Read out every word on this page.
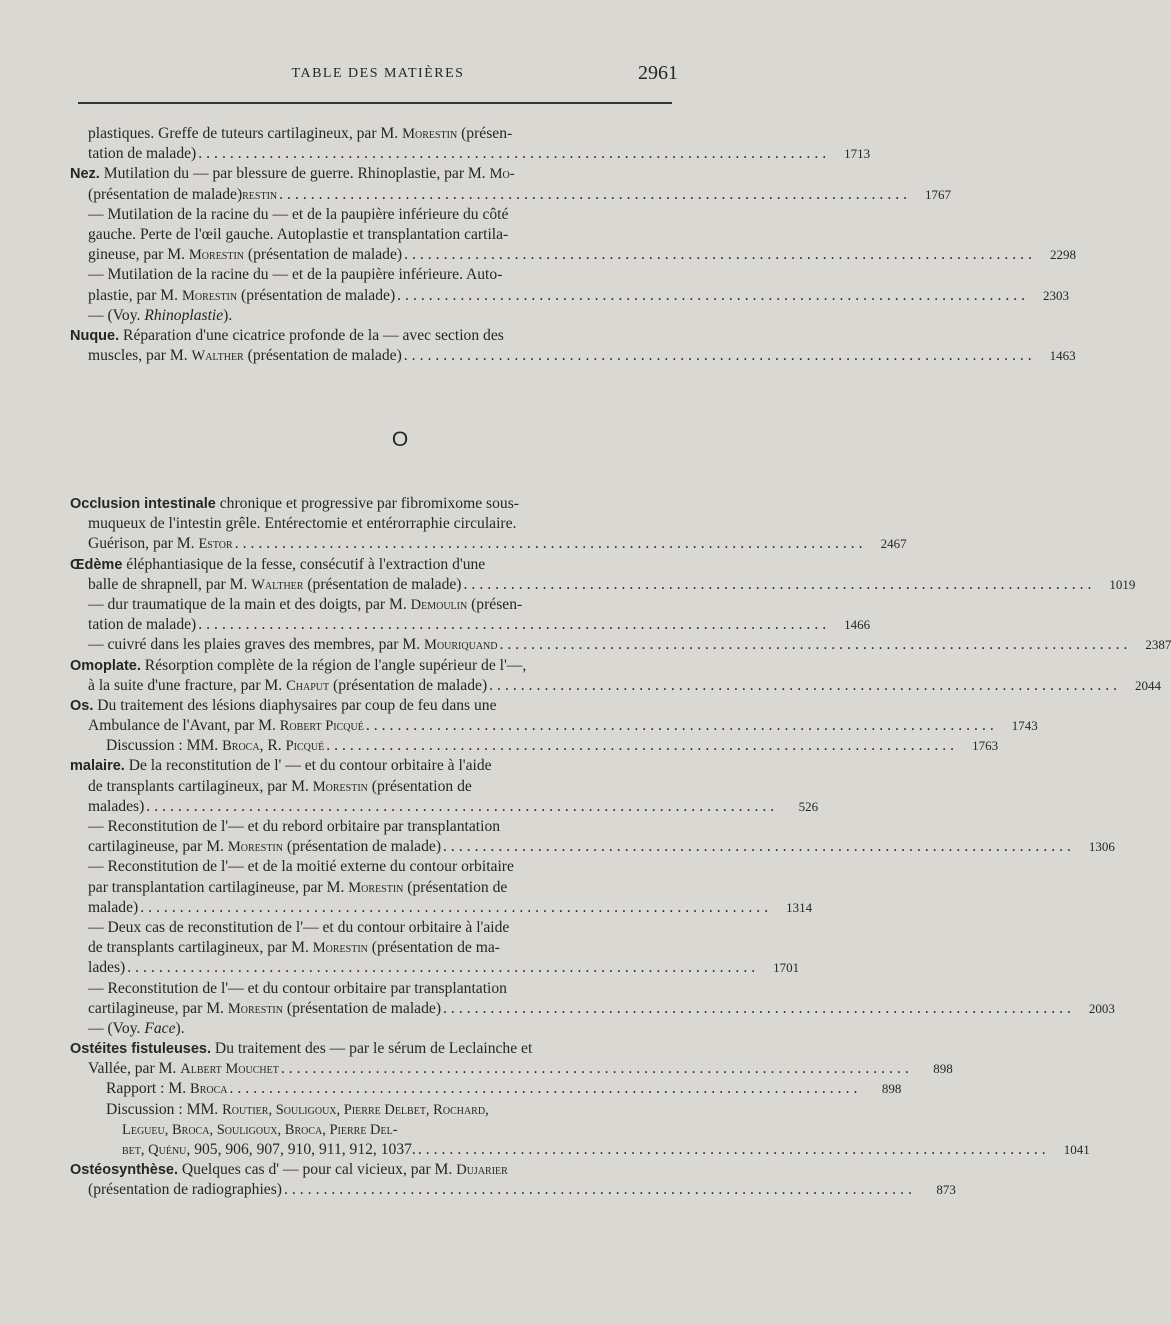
TABLE DES MATIÈRES	2961
plastiques. Greffe de tuteurs cartilagineux, par M. Morestin (présen-
tation de malade) ................................................................................	1713
Nez. Mutilation du — par blessure de guerre. Rhinoplastie, par M. Mo-
(présentation de malade)restin ................................................................................	1767
— Mutilation de la racine du — et de la paupière inférieure du côté
gauche. Perte de l'œil gauche. Autoplastie et transplantation cartila-
gineuse, par M. Morestin (présentation de malade) ................................................................................	2298
— Mutilation de la racine du — et de la paupière inférieure. Auto-
plastie, par M. Morestin (présentation de malade) ................................................................................	2303
— (Voy. Rhinoplastie).
Nuque. Réparation d'une cicatrice profonde de la — avec section des
muscles, par M. Walther (présentation de malade) ................................................................................	1463
O
Occlusion intestinale chronique et progressive par fibromixome sous-
muqueux de l'intestin grêle. Entérectomie et entérorraphie circulaire.
Guérison, par M. Estor ................................................................................	2467
Œdème éléphantiasique de la fesse, consécutif à l'extraction d'une
balle de shrapnell, par M. Walther (présentation de malade) ................................................................................	1019
— dur traumatique de la main et des doigts, par M. Demoulin (présen-
tation de malade) ................................................................................	1466
— cuivré dans les plaies graves des membres, par M. Mouriquand ................................................................................	2387
Omoplate. Résorption complète de la région de l'angle supérieur de l'—,
à la suite d'une fracture, par M. Chaput (présentation de malade) ................................................................................	2044
Os. Du traitement des lésions diaphysaires par coup de feu dans une
Ambulance de l'Avant, par M. Robert Picqué ................................................................................	1743
Discussion : MM. Broca, R. Picqué ................................................................................	1763
malaire. De la reconstitution de l' — et du contour orbitaire à l'aide
de transplants cartilagineux, par M. Morestin (présentation de
malades) ................................................................................	526
— Reconstitution de l'— et du rebord orbitaire par transplantation
cartilagineuse, par M. Morestin (présentation de malade) ................................................................................	1306
— Reconstitution de l'— et de la moitié externe du contour orbitaire
par transplantation cartilagineuse, par M. Morestin (présentation de
malade) ................................................................................	1314
— Deux cas de reconstitution de l'— et du contour orbitaire à l'aide
de transplants cartilagineux, par M. Morestin (présentation de ma-
lades) ................................................................................	1701
— Reconstitution de l'— et du contour orbitaire par transplantation
cartilagineuse, par M. Morestin (présentation de malade) ................................................................................	2003
— (Voy. Face).
Ostéites fistuleuses. Du traitement des — par le sérum de Leclainche et
Vallée, par M. Albert Mouchet ................................................................................	898
Rapport : M. Broca ................................................................................	898
Discussion : MM. Routier, Souligoux, Pierre Delbet, Rochard,
Leguеu, Broca, Souligoux, Broca, Pierre Del-
bet, Quénu, 905, 906, 907, 910, 911, 912, 1037. ................................................................................	1041
Ostéosynthèse. Quelques cas d' — pour cal vicieux, par M. Dujarier
(présentation de radiographies) ................................................................................	873
